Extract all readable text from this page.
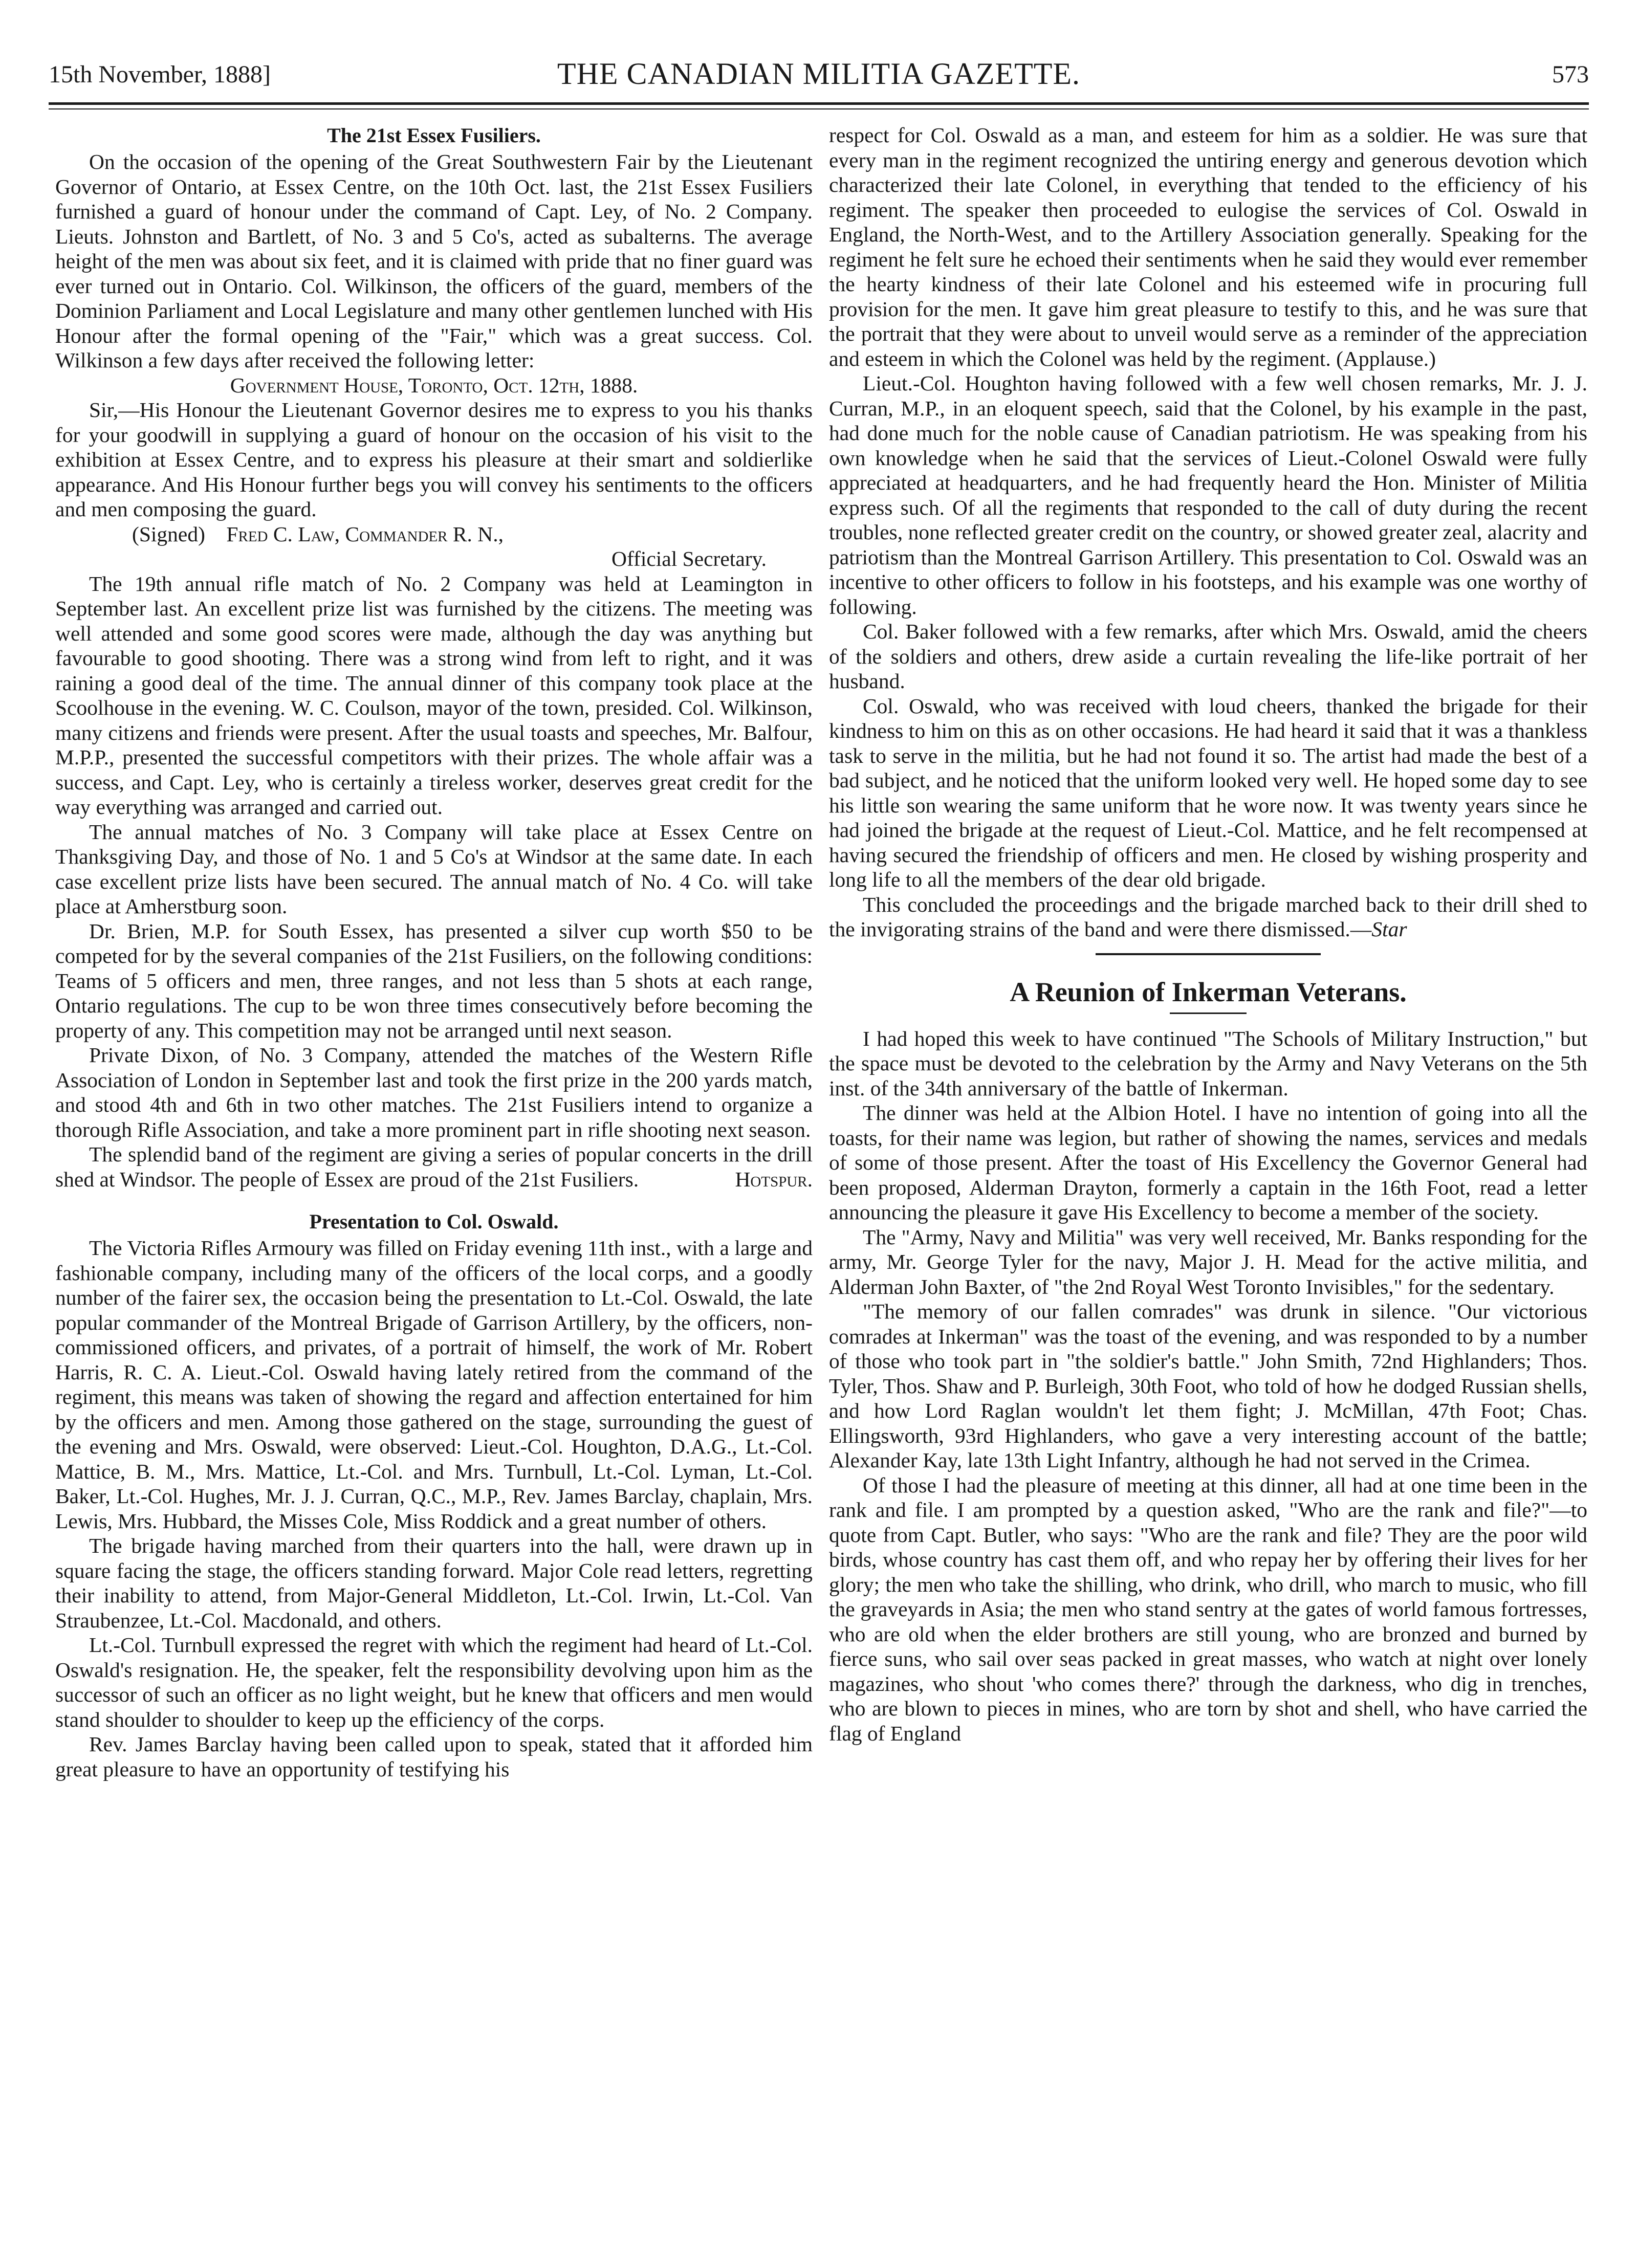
15th November, 1888]	THE CANADIAN MILITIA GAZETTE.	573
The 21st Essex Fusiliers.

On the occasion of the opening of the Great Southwestern Fair by the Lieutenant Governor of Ontario, at Essex Centre, on the 10th Oct. last, the 21st Essex Fusiliers furnished a guard of honour under the command of Capt. Ley, of No. 2 Company. Lieuts. Johnston and Bartlett, of No. 3 and 5 Co's, acted as subalterns. The average height of the men was about six feet, and it is claimed with pride that no finer guard was ever turned out in Ontario. Col. Wilkinson, the officers of the guard, members of the Dominion Parliament and Local Legislature and many other gentlemen lunched with His Honour after the formal opening of the "Fair," which was a great success. Col. Wilkinson a few days after received the following letter:

Government House, Toronto, Oct. 12th, 1888.

Sir,—His Honour the Lieutenant Governor desires me to express to you his thanks for your goodwill in supplying a guard of honour on the occasion of his visit to the exhibition at Essex Centre, and to express his pleasure at their smart and soldierlike appearance. And His Honour further begs you will convey his sentiments to the officers and men composing the guard.

(Signed) Fred C. Law, Commander R. N.,

Official Secretary.

The 19th annual rifle match of No. 2 Company was held at Leamington in September last. An excellent prize list was furnished by the citizens. The meeting was well attended and some good scores were made, although the day was anything but favourable to good shooting. There was a strong wind from left to right, and it was raining a good deal of the time. The annual dinner of this company took place at the Scoolhouse in the evening. W. C. Coulson, mayor of the town, presided. Col. Wilkinson, many citizens and friends were present. After the usual toasts and speeches, Mr. Balfour, M.P.P., presented the successful competitors with their prizes. The whole affair was a success, and Capt. Ley, who is certainly a tireless worker, deserves great credit for the way everything was arranged and carried out.

The annual matches of No. 3 Company will take place at Essex Centre on Thanksgiving Day, and those of No. 1 and 5 Co's at Windsor at the same date. In each case excellent prize lists have been secured. The annual match of No. 4 Co. will take place at Amherstburg soon.

Dr. Brien, M.P. for South Essex, has presented a silver cup worth $50 to be competed for by the several companies of the 21st Fusiliers, on the following conditions: Teams of 5 officers and men, three ranges, and not less than 5 shots at each range, Ontario regulations. The cup to be won three times consecutively before becoming the property of any. This competition may not be arranged until next season.

Private Dixon, of No. 3 Company, attended the matches of the Western Rifle Association of London in September last and took the first prize in the 200 yards match, and stood 4th and 6th in two other matches. The 21st Fusiliers intend to organize a thorough Rifle Association, and take a more prominent part in rifle shooting next season.

The splendid band of the regiment are giving a series of popular concerts in the drill shed at Windsor. The people of Essex are proud of the 21st Fusiliers.	Hotspur.

Presentation to Col. Oswald.

The Victoria Rifles Armoury was filled on Friday evening 11th inst., with a large and fashionable company, including many of the officers of the local corps, and a goodly number of the fairer sex, the occasion being the presentation to Lt.-Col. Oswald, the late popular commander of the Montreal Brigade of Garrison Artillery, by the officers, non-commissioned officers, and privates, of a portrait of himself, the work of Mr. Robert Harris, R. C. A. Lieut.-Col. Oswald having lately retired from the command of the regiment, this means was taken of showing the regard and affection entertained for him by the officers and men. Among those gathered on the stage, surrounding the guest of the evening and Mrs. Oswald, were observed: Lieut.-Col. Houghton, D.A.G., Lt.-Col. Mattice, B. M., Mrs. Mattice, Lt.-Col. and Mrs. Turnbull, Lt.-Col. Lyman, Lt.-Col. Baker, Lt.-Col. Hughes, Mr. J. J. Curran, Q.C., M.P., Rev. James Barclay, chaplain, Mrs. Lewis, Mrs. Hubbard, the Misses Cole, Miss Roddick and a great number of others.

The brigade having marched from their quarters into the hall, were drawn up in square facing the stage, the officers standing forward. Major Cole read letters, regretting their inability to attend, from Major-General Middleton, Lt.-Col. Irwin, Lt.-Col. Van Straubenzee, Lt.-Col. Macdonald, and others.

Lt.-Col. Turnbull expressed the regret with which the regiment had heard of Lt.-Col. Oswald's resignation. He, the speaker, felt the responsibility devolving upon him as the successor of such an officer as no light weight, but he knew that officers and men would stand shoulder to shoulder to keep up the efficiency of the corps.

Rev. James Barclay having been called upon to speak, stated that it afforded him great pleasure to have an opportunity of testifying his

respect for Col. Oswald as a man, and esteem for him as a soldier. He was sure that every man in the regiment recognized the untiring energy and generous devotion which characterized their late Colonel, in everything that tended to the efficiency of his regiment. The speaker then proceeded to eulogise the services of Col. Oswald in England, the North-West, and to the Artillery Association generally. Speaking for the regiment he felt sure he echoed their sentiments when he said they would ever remember the hearty kindness of their late Colonel and his esteemed wife in procuring full provision for the men. It gave him great pleasure to testify to this, and he was sure that the portrait that they were about to unveil would serve as a reminder of the appreciation and esteem in which the Colonel was held by the regiment. (Applause.)

Lieut.-Col. Houghton having followed with a few well chosen remarks, Mr. J. J. Curran, M.P., in an eloquent speech, said that the Colonel, by his example in the past, had done much for the noble cause of Canadian patriotism. He was speaking from his own knowledge when he said that the services of Lieut.-Colonel Oswald were fully appreciated at headquarters, and he had frequently heard the Hon. Minister of Militia express such. Of all the regiments that responded to the call of duty during the recent troubles, none reflected greater credit on the country, or showed greater zeal, alacrity and patriotism than the Montreal Garrison Artillery. This presentation to Col. Oswald was an incentive to other officers to follow in his footsteps, and his example was one worthy of following.

Col. Baker followed with a few remarks, after which Mrs. Oswald, amid the cheers of the soldiers and others, drew aside a curtain revealing the life-like portrait of her husband.

Col. Oswald, who was received with loud cheers, thanked the brigade for their kindness to him on this as on other occasions. He had heard it said that it was a thankless task to serve in the militia, but he had not found it so. The artist had made the best of a bad subject, and he noticed that the uniform looked very well. He hoped some day to see his little son wearing the same uniform that he wore now. It was twenty years since he had joined the brigade at the request of Lieut.-Col. Mattice, and he felt recompensed at having secured the friendship of officers and men. He closed by wishing prosperity and long life to all the members of the dear old brigade.

This concluded the proceedings and the brigade marched back to their drill shed to the invigorating strains of the band and were there dismissed.—Star

A Reunion of Inkerman Veterans.

I had hoped this week to have continued "The Schools of Military Instruction," but the space must be devoted to the celebration by the Army and Navy Veterans on the 5th inst. of the 34th anniversary of the battle of Inkerman.

The dinner was held at the Albion Hotel. I have no intention of going into all the toasts, for their name was legion, but rather of showing the names, services and medals of some of those present. After the toast of His Excellency the Governor General had been proposed, Alderman Drayton, formerly a captain in the 16th Foot, read a letter announcing the pleasure it gave His Excellency to become a member of the society.

The "Army, Navy and Militia" was very well received, Mr. Banks responding for the army, Mr. George Tyler for the navy, Major J. H. Mead for the active militia, and Alderman John Baxter, of "the 2nd Royal West Toronto Invisibles," for the sedentary.

"The memory of our fallen comrades" was drunk in silence. "Our victorious comrades at Inkerman" was the toast of the evening, and was responded to by a number of those who took part in "the soldier's battle." John Smith, 72nd Highlanders; Thos. Tyler, Thos. Shaw and P. Burleigh, 30th Foot, who told of how he dodged Russian shells, and how Lord Raglan wouldn't let them fight; J. McMillan, 47th Foot; Chas. Ellingsworth, 93rd Highlanders, who gave a very interesting account of the battle; Alexander Kay, late 13th Light Infantry, although he had not served in the Crimea.

Of those I had the pleasure of meeting at this dinner, all had at one time been in the rank and file. I am prompted by a question asked, "Who are the rank and file?"—to quote from Capt. Butler, who says: "Who are the rank and file? They are the poor wild birds, whose country has cast them off, and who repay her by offering their lives for her glory; the men who take the shilling, who drink, who drill, who march to music, who fill the graveyards in Asia; the men who stand sentry at the gates of world famous fortresses, who are old when the elder brothers are still young, who are bronzed and burned by fierce suns, who sail over seas packed in great masses, who watch at night over lonely magazines, who shout 'who comes there?' through the darkness, who dig in trenches, who are blown to pieces in mines, who are torn by shot and shell, who have carried the flag of England
